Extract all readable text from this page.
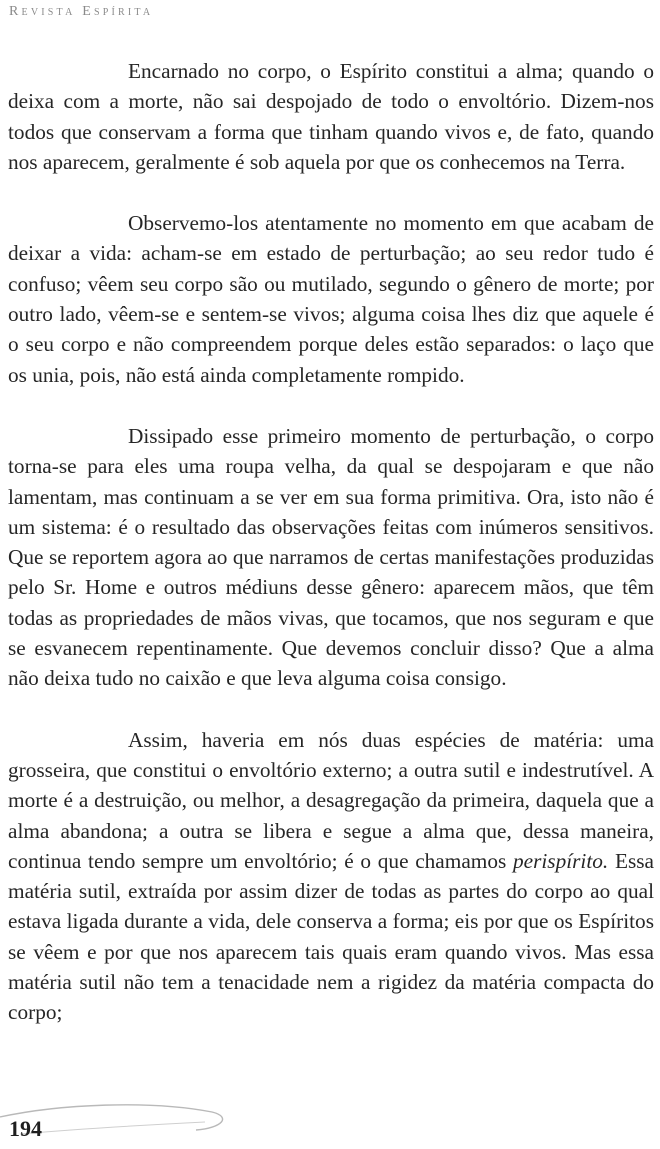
Revista Espírita

Encarnado no corpo, o Espírito constitui a alma; quando o deixa com a morte, não sai despojado de todo o envoltório. Dizem-nos todos que conservam a forma que tinham quando vivos e, de fato, quando nos aparecem, geralmente é sob aquela por que os conhecemos na Terra.

Observemo-los atentamente no momento em que acabam de deixar a vida: acham-se em estado de perturbação; ao seu redor tudo é confuso; vêem seu corpo são ou mutilado, segundo o gênero de morte; por outro lado, vêem-se e sentem-se vivos; alguma coisa lhes diz que aquele é o seu corpo e não compreendem porque deles estão separados: o laço que os unia, pois, não está ainda completamente rompido.

Dissipado esse primeiro momento de perturbação, o corpo torna-se para eles uma roupa velha, da qual se despojaram e que não lamentam, mas continuam a se ver em sua forma primitiva. Ora, isto não é um sistema: é o resultado das observações feitas com inúmeros sensitivos. Que se reportem agora ao que narramos de certas manifestações produzidas pelo Sr. Home e outros médiuns desse gênero: aparecem mãos, que têm todas as propriedades de mãos vivas, que tocamos, que nos seguram e que se esvanecem repentinamente. Que devemos concluir disso? Que a alma não deixa tudo no caixão e que leva alguma coisa consigo.

Assim, haveria em nós duas espécies de matéria: uma grosseira, que constitui o envoltório externo; a outra sutil e indestrutível. A morte é a destruição, ou melhor, a desagregação da primeira, daquela que a alma abandona; a outra se libera e segue a alma que, dessa maneira, continua tendo sempre um envoltório; é o que chamamos perispírito. Essa matéria sutil, extraída por assim dizer de todas as partes do corpo ao qual estava ligada durante a vida, dele conserva a forma; eis por que os Espíritos se vêem e por que nos aparecem tais quais eram quando vivos. Mas essa matéria sutil não tem a tenacidade nem a rigidez da matéria compacta do corpo;

194
